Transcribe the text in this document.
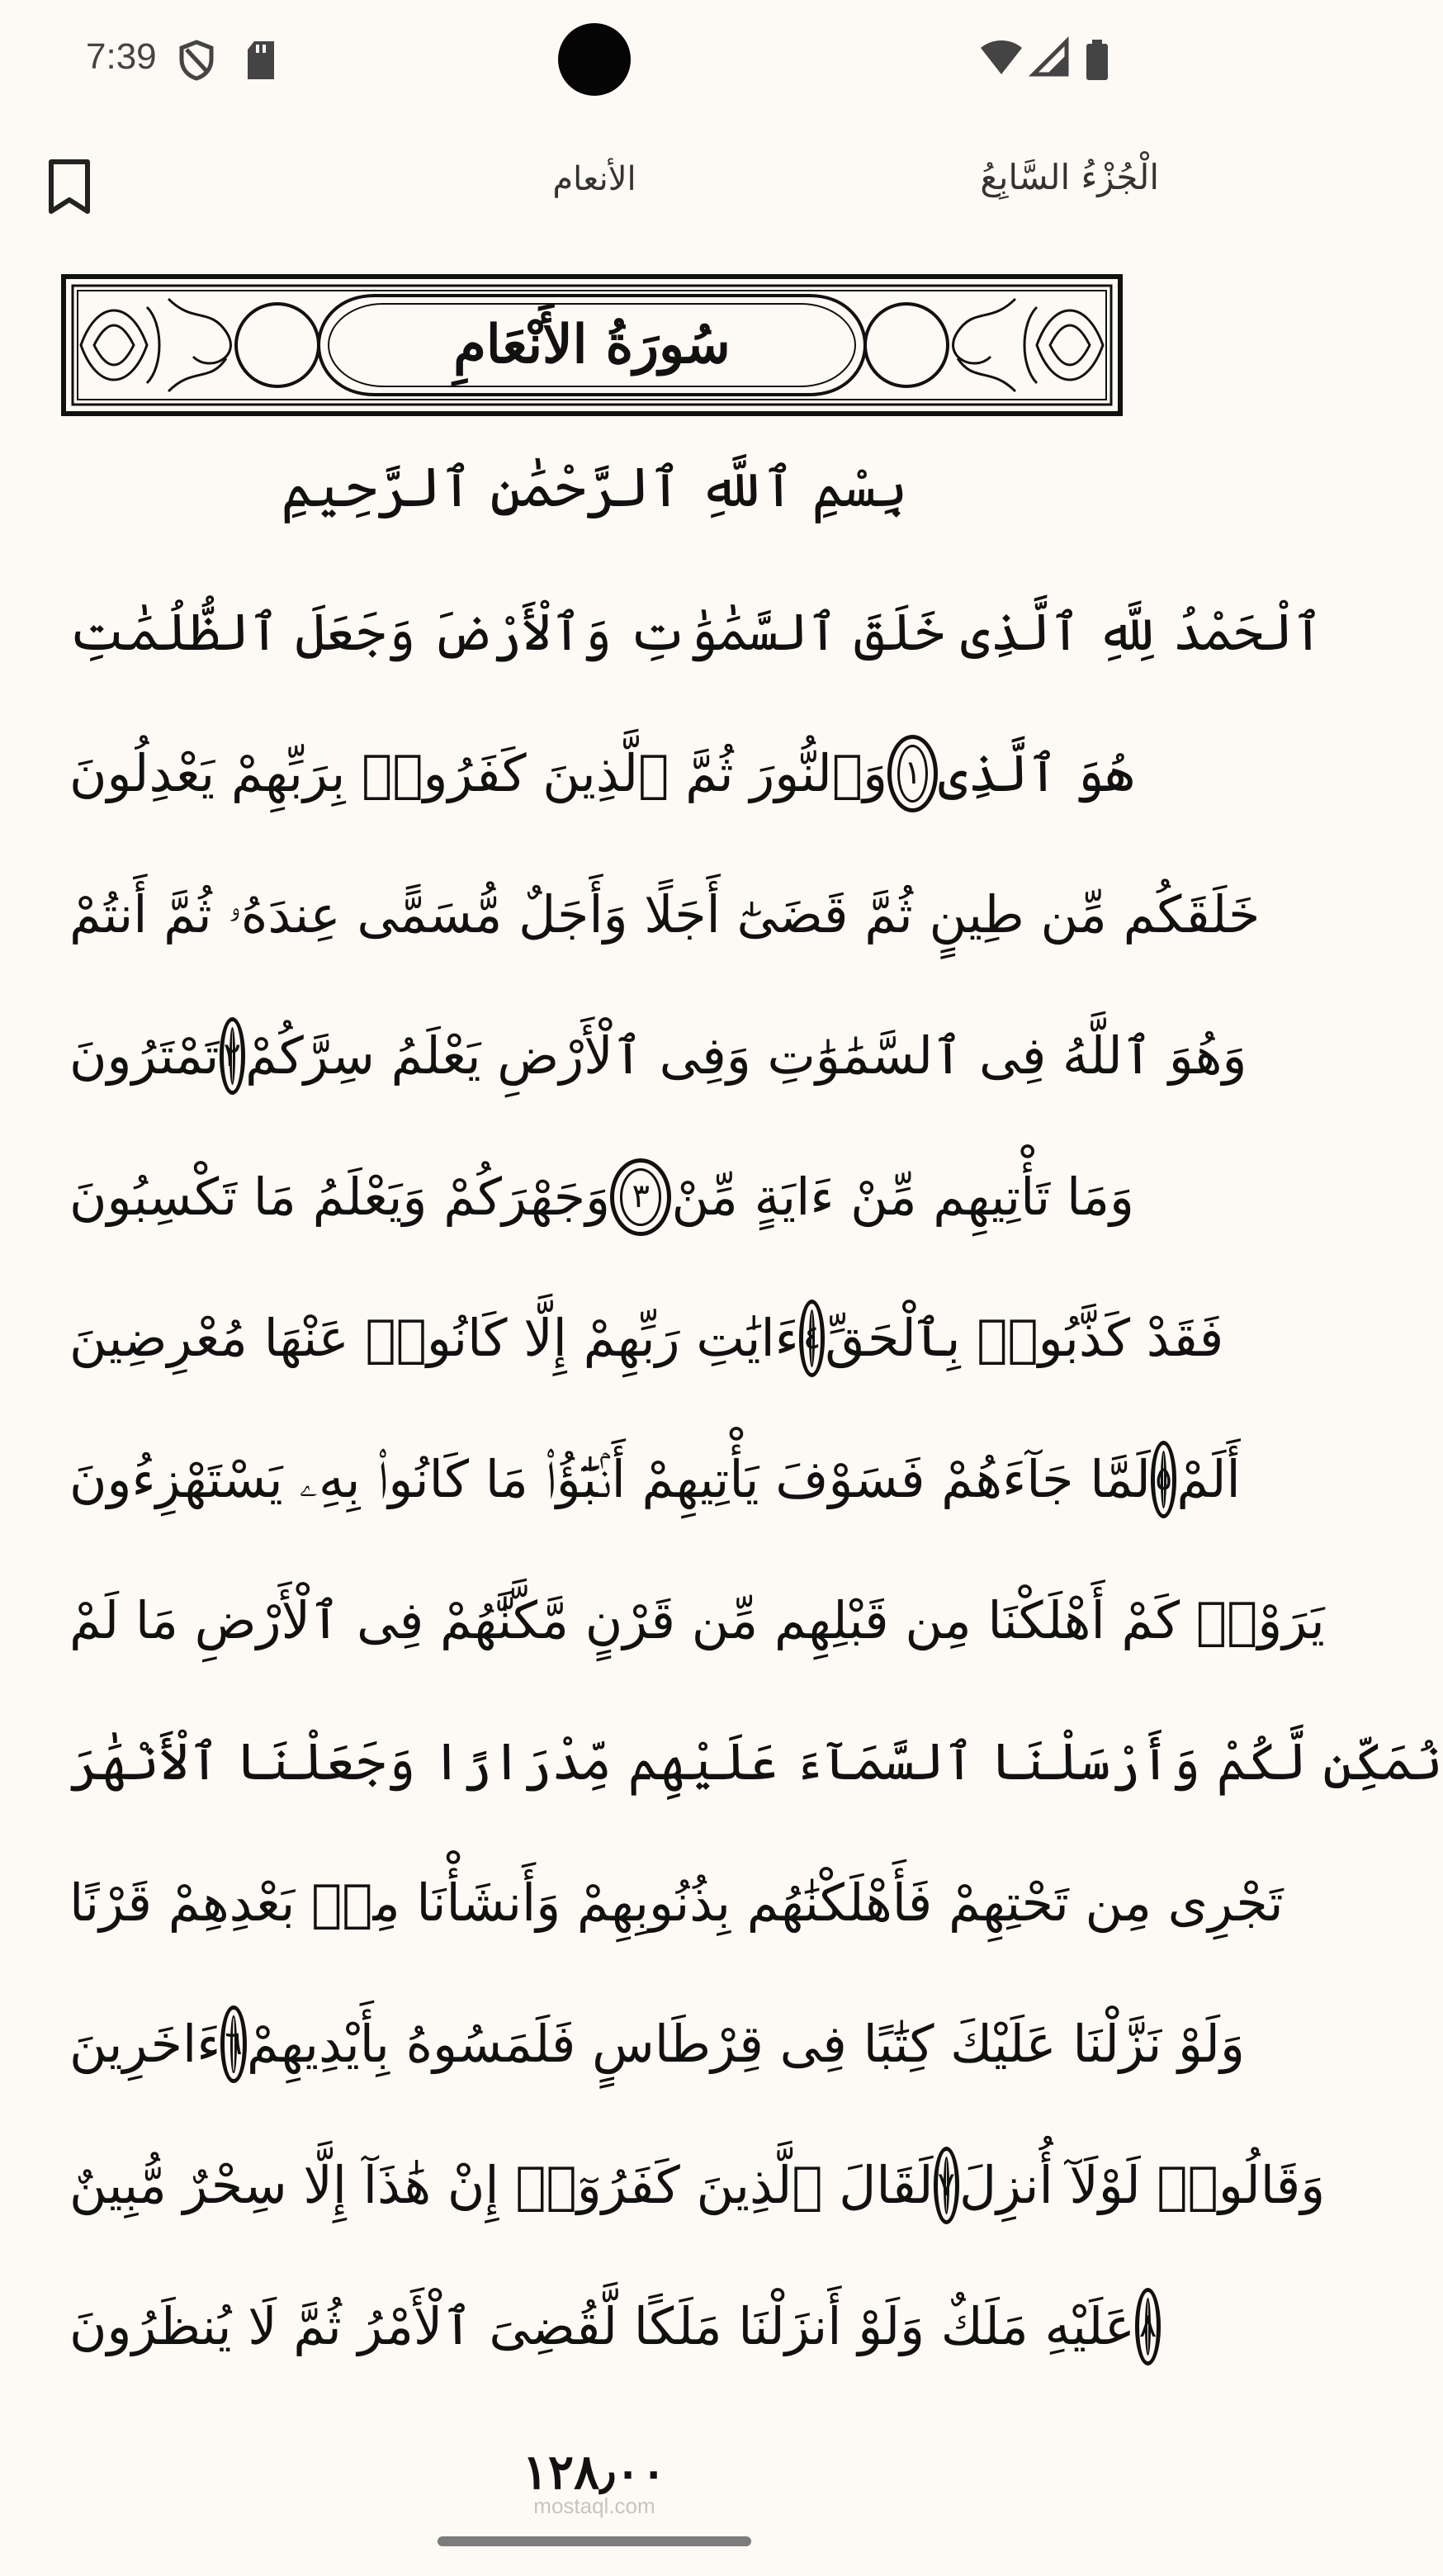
7:39
الأنعام	الْجُزْءُ السَّابِعُ
سُورَةُ الأَنْعَامِ
بِسْمِ ٱللَّهِ ٱلرَّحْمَٰنِ ٱلرَّحِيمِ
ٱلْحَمْدُ لِلَّهِ ٱلَّذِى خَلَقَ ٱلسَّمَٰوَٰتِ وَٱلْأَرْضَ وَجَعَلَ ٱلظُّلُمَٰتِ
وَٱلنُّورَ ثُمَّ ٱلَّذِينَ كَفَرُوا۟ بِرَبِّهِمْ يَعْدِلُونَ ١ هُوَ ٱلَّذِى
خَلَقَكُم مِّن طِينٍ ثُمَّ قَضَىٰٓ أَجَلًا وَأَجَلٌ مُّسَمًّى عِندَهُۥ ثُمَّ أَنتُمْ
تَمْتَرُونَ ٢ وَهُوَ ٱللَّهُ فِى ٱلسَّمَٰوَٰتِ وَفِى ٱلْأَرْضِ يَعْلَمُ سِرَّكُمْ
وَجَهْرَكُمْ وَيَعْلَمُ مَا تَكْسِبُونَ ٣ وَمَا تَأْتِيهِم مِّنْ ءَايَةٍ مِّنْ
ءَايَٰتِ رَبِّهِمْ إِلَّا كَانُوا۟ عَنْهَا مُعْرِضِينَ ٤ فَقَدْ كَذَّبُوا۟ بِٱلْحَقِّ
لَمَّا جَآءَهُمْ فَسَوْفَ يَأْتِيهِمْ أَنۢبَٰٓؤُا۟ مَا كَانُوا۟ بِهِۦ يَسْتَهْزِءُونَ ٥ أَلَمْ
يَرَوْا۟ كَمْ أَهْلَكْنَا مِن قَبْلِهِم مِّن قَرْنٍ مَّكَّنَّٰهُمْ فِى ٱلْأَرْضِ مَا لَمْ
نُمَكِّن لَّكُمْ وَأَرْسَلْنَا ٱلسَّمَآءَ عَلَيْهِم مِّدْرَارًا وَجَعَلْنَا ٱلْأَنْهَٰرَ
تَجْرِى مِن تَحْتِهِمْ فَأَهْلَكْنَٰهُم بِذُنُوبِهِمْ وَأَنشَأْنَا مِنۢ بَعْدِهِمْ قَرْنًا
ءَاخَرِينَ ٦ وَلَوْ نَزَّلْنَا عَلَيْكَ كِتَٰبًا فِى قِرْطَاسٍ فَلَمَسُوهُ بِأَيْدِيهِمْ
لَقَالَ ٱلَّذِينَ كَفَرُوٓا۟ إِنْ هَٰذَآ إِلَّا سِحْرٌ مُّبِينٌ ٧ وَقَالُوا۟ لَوْلَآ أُنزِلَ
عَلَيْهِ مَلَكٌ وَلَوْ أَنزَلْنَا مَلَكًا لَّقُضِىَ ٱلْأَمْرُ ثُمَّ لَا يُنظَرُونَ ٨
١٢٨٫٠٠
mostaql.com
